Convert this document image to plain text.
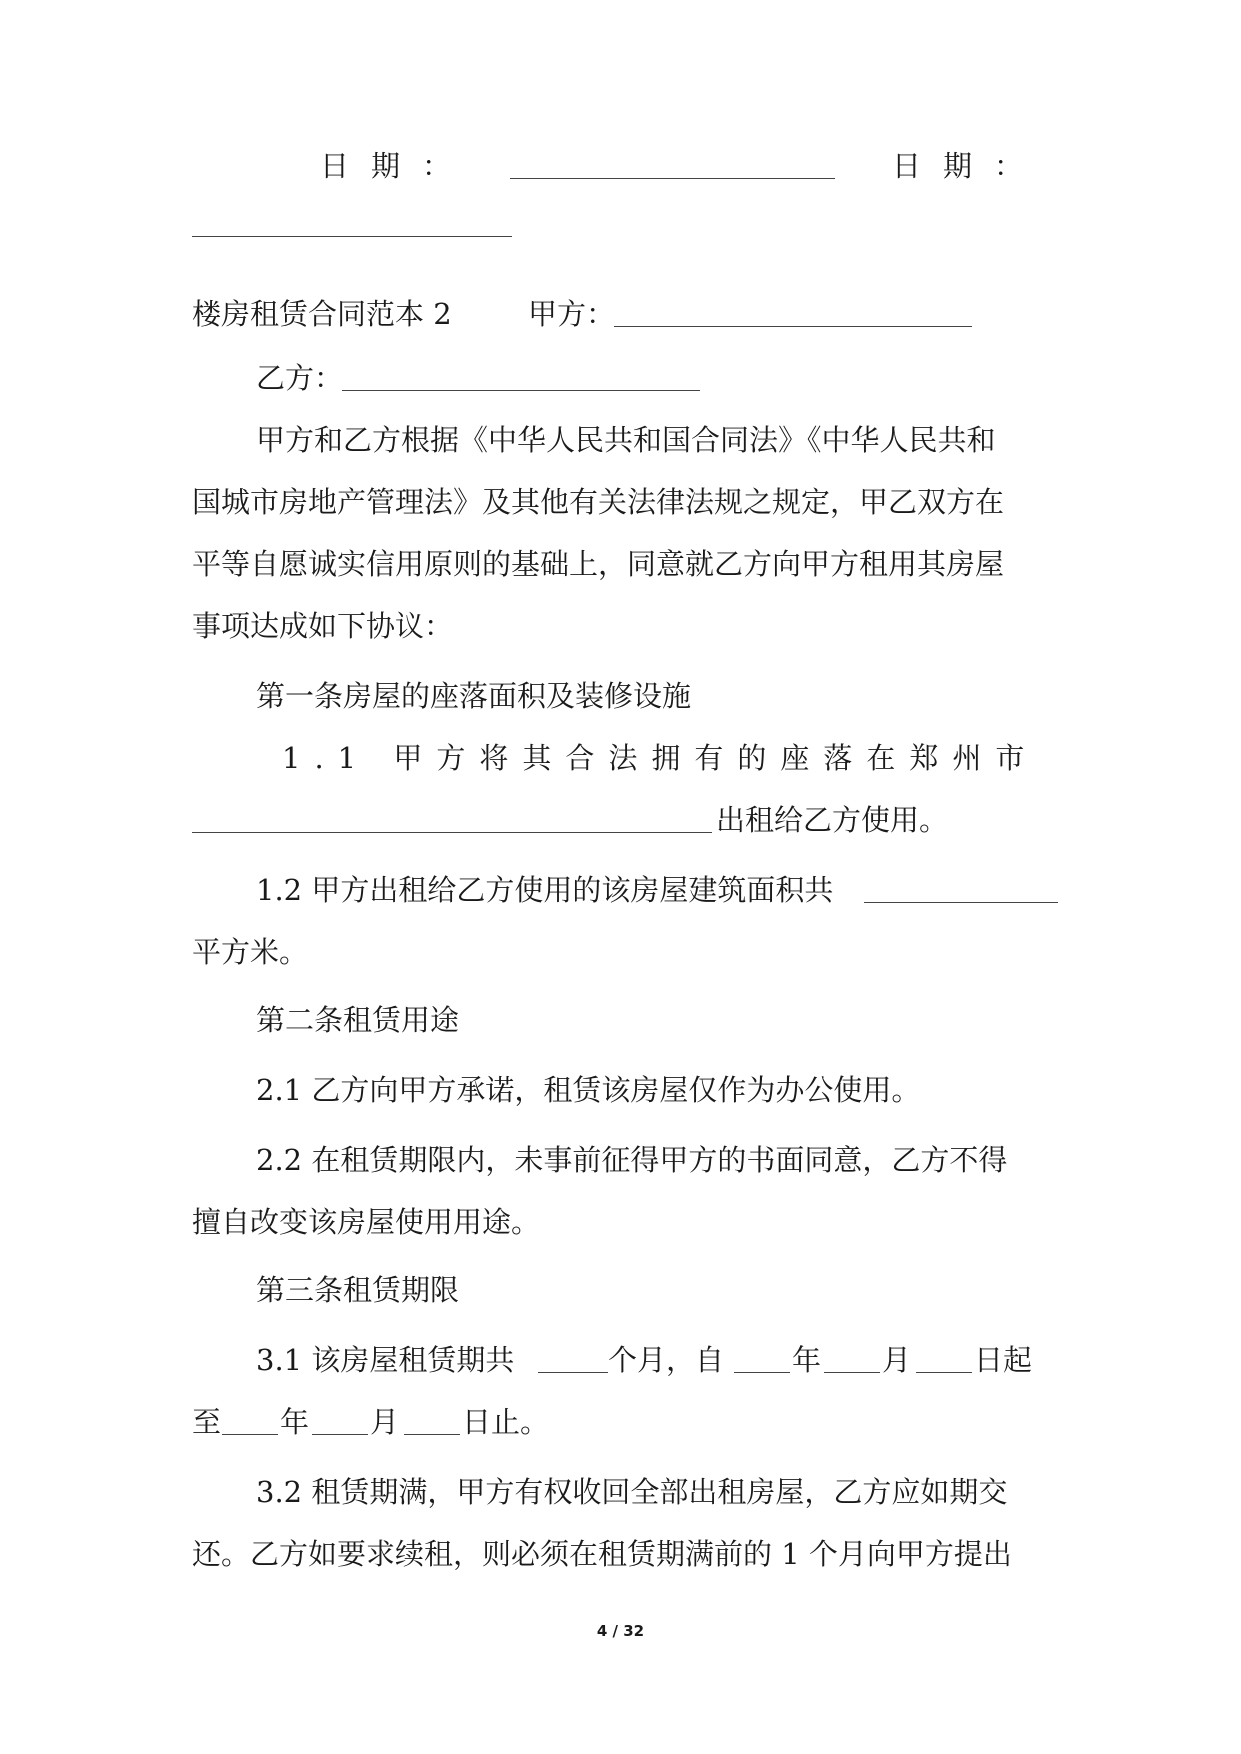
日期：	日期：
楼房租赁合同范本 2	甲方：
乙方：
甲方和乙方根据《中华人民共和国合同法》《中华人民共和
国城市房地产管理法》及其他有关法律法规之规定，甲乙双方在
平等自愿诚实信用原则的基础上，同意就乙方向甲方租用其房屋
事项达成如下协议：
第一条房屋的座落面积及装修设施
1.1 甲方将其合法拥有的座落在郑州市
出租给乙方使用。
1.2 甲方出租给乙方使用的该房屋建筑面积共
平方米。
第二条租赁用途
2.1 乙方向甲方承诺，租赁该房屋仅作为办公使用。
2.2 在租赁期限内，未事前征得甲方的书面同意，乙方不得
擅自改变该房屋使用用途。
第三条租赁期限
3.1 该房屋租赁期共	个月，自 年 月 日起
至 年 月 日止。
3.2 租赁期满，甲方有权收回全部出租房屋，乙方应如期交
还。乙方如要求续租，则必须在租赁期满前的 1 个月向甲方提出
4 / 32
